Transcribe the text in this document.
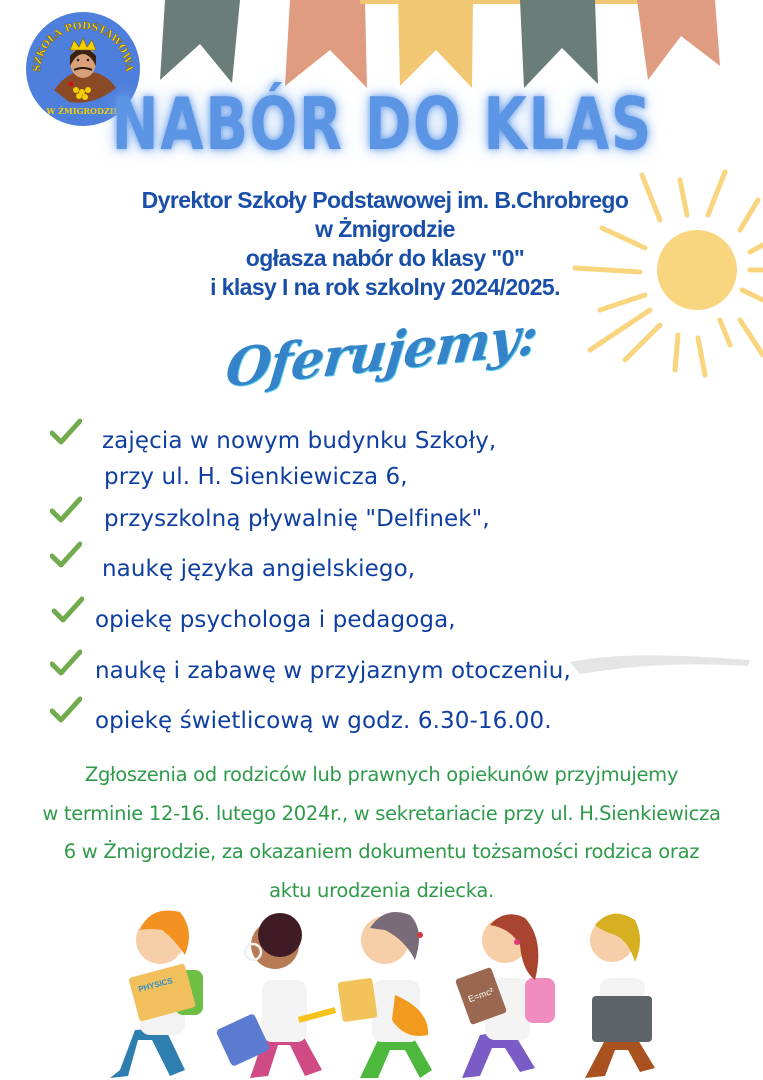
SZKOŁA PODSTAWOWA
W ŻMIGRODZIE
NABÓR DO KLAS
Dyrektor Szkoły Podstawowej im. B.Chrobrego
w Żmigrodzie
ogłasza nabór do klasy "0"
i klasy I na rok szkolny 2024/2025.
Oferujemy:
zajęcia w nowym budynku Szkoły,
przy ul. H. Sienkiewicza 6,
przyszkolną pływalnię "Delfinek",
naukę języka angielskiego,
opiekę psychologa i pedagoga,
naukę i zabawę w przyjaznym otoczeniu,
opiekę świetlicową w godz. 6.30-16.00.
Zgłoszenia od rodziców lub prawnych opiekunów przyjmujemy
w terminie 12-16. lutego 2024r., w sekretariacie przy ul. H.Sienkiewicza
6 w Żmigrodzie, za okazaniem dokumentu tożsamości rodzica oraz
aktu urodzenia dziecka.
PHYSICS
E=mc²
